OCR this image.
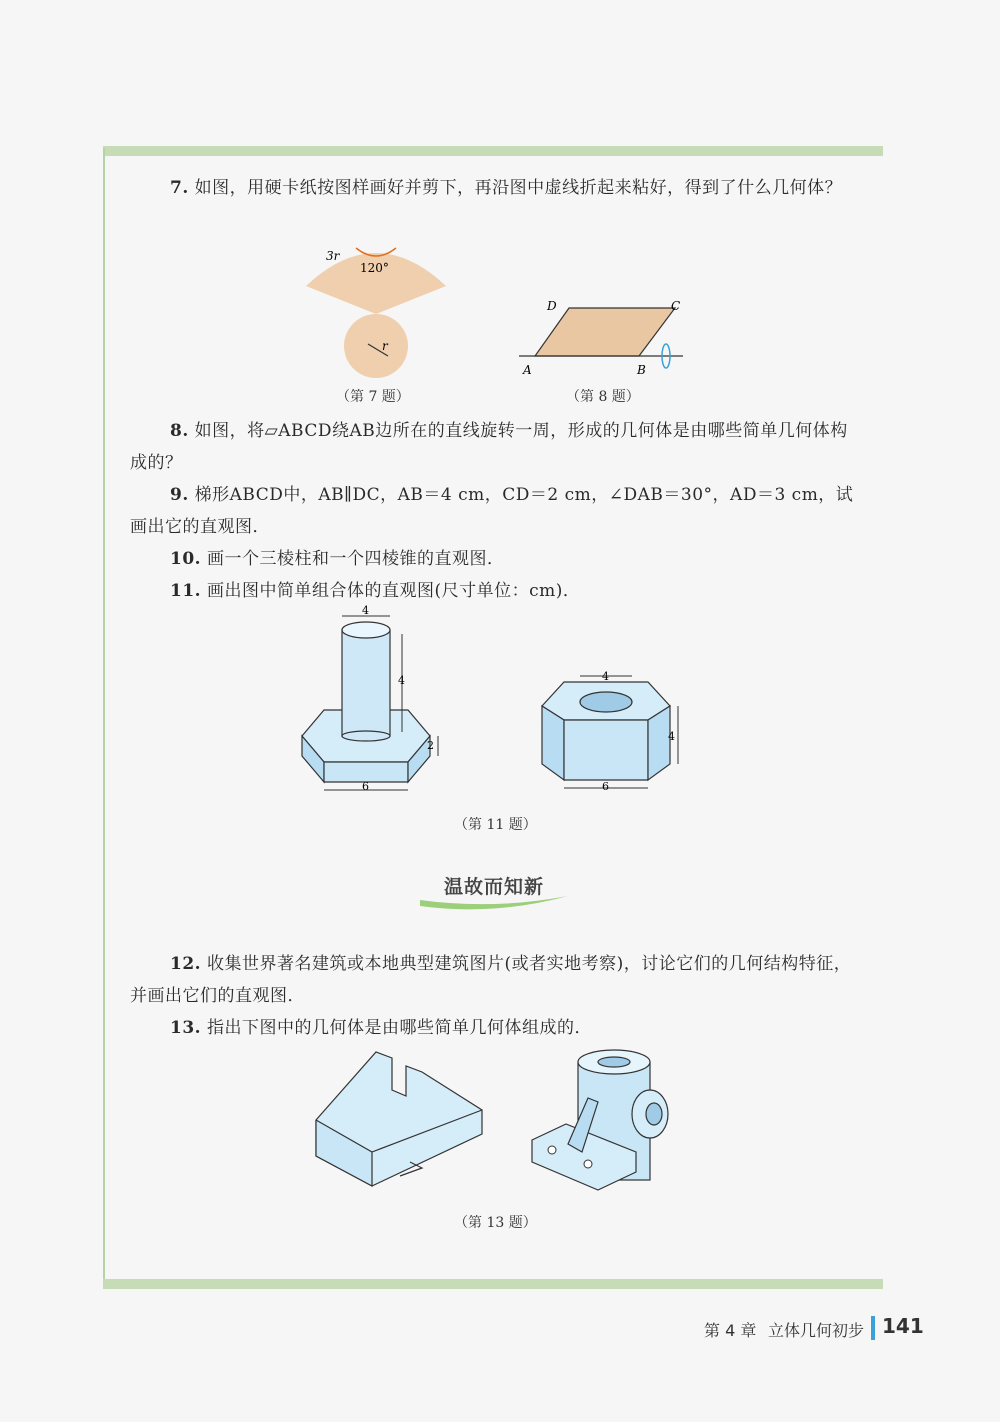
7. 如图，用硬卡纸按图样画好并剪下，再沿图中虚线折起来粘好，得到了什么几何体？
3r
120°
r
（第 7 题）
A	B
C
D
（第 8 题）
8. 如图，将▱ABCD绕AB边所在的直线旋转一周，形成的几何体是由哪些简单几何体构成的？
9. 梯形ABCD中，AB∥DC，AB＝4 cm，CD＝2 cm，∠DAB＝30°，AD＝3 cm，试画出它的直观图．
10. 画一个三棱柱和一个四棱锥的直观图．
11. 画出图中简单组合体的直观图(尺寸单位：cm)．
4
4
2
6
4
4
6
（第 11 题）
温故而知新
12. 收集世界著名建筑或本地典型建筑图片(或者实地考察)，讨论它们的几何结构特征，并画出它们的直观图．
13. 指出下图中的几何体是由哪些简单几何体组成的．
（第 13 题）
第 4 章 立体几何初步 141
